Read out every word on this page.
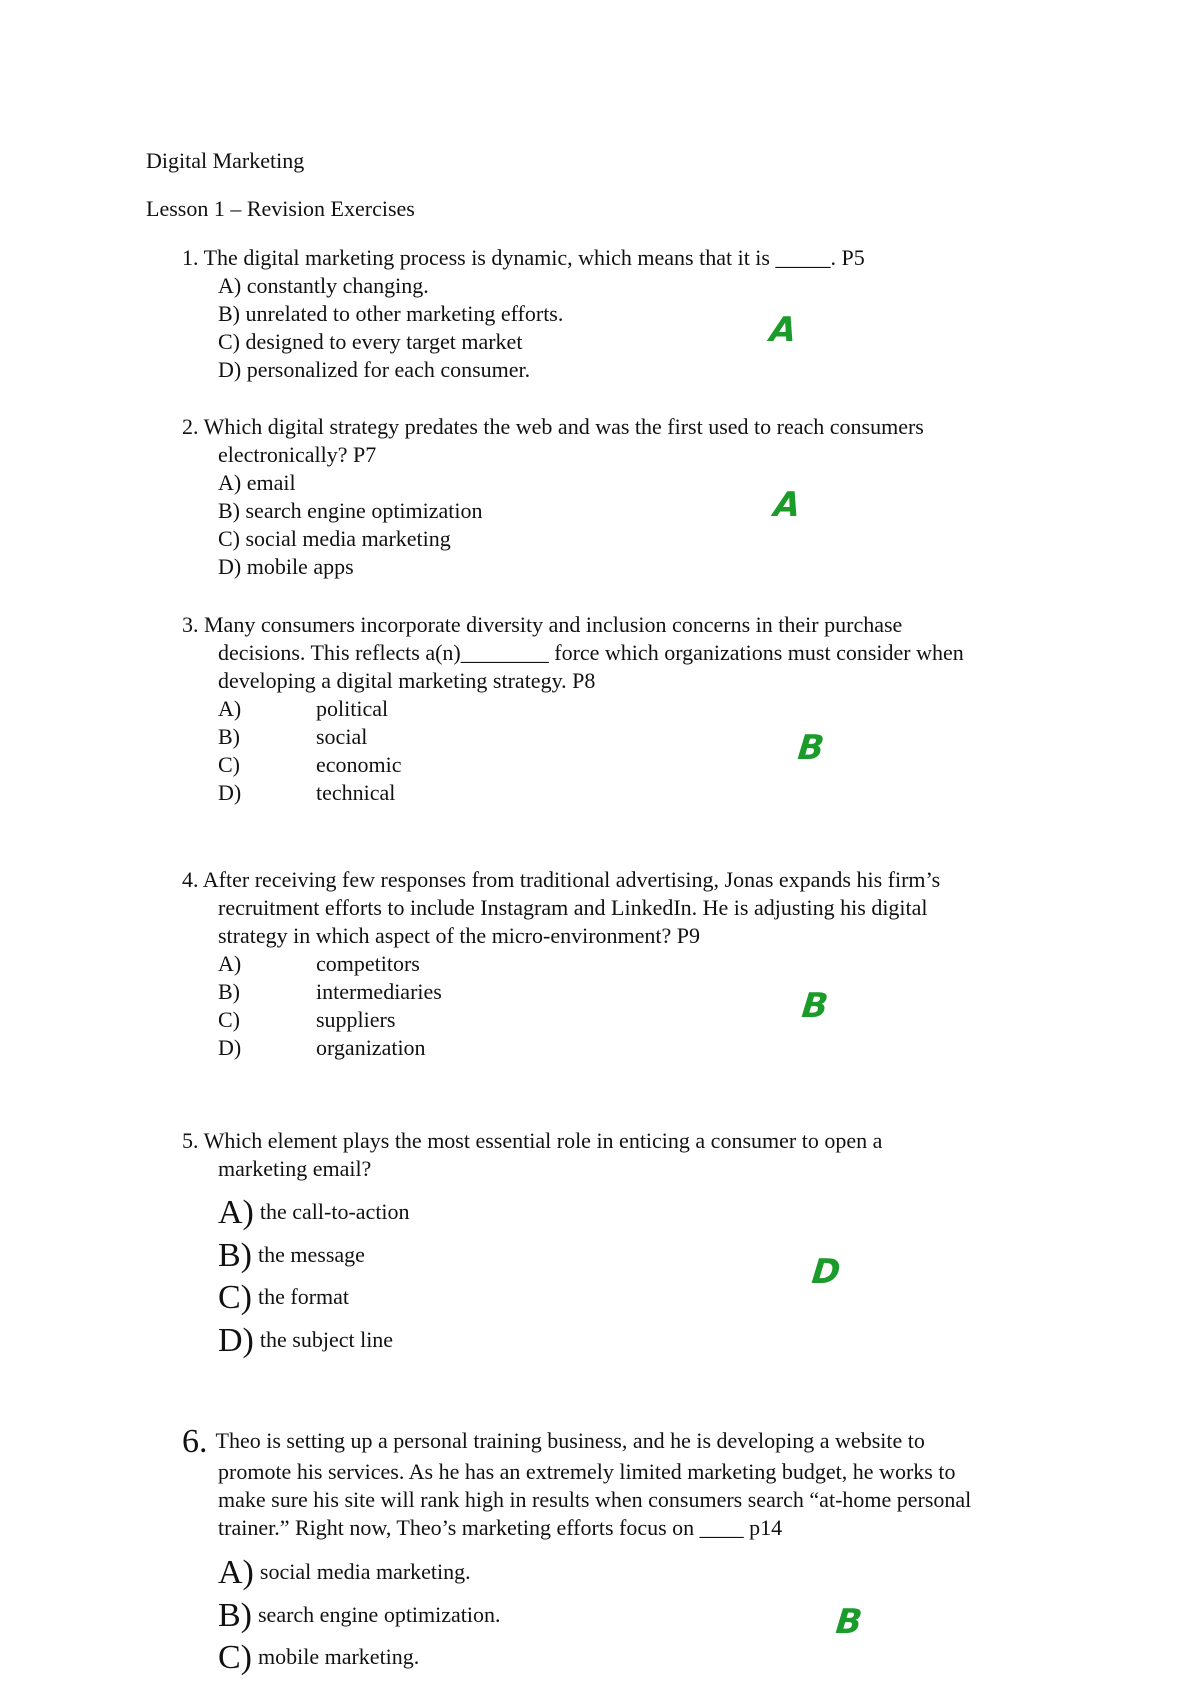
Digital Marketing
Lesson 1 – Revision Exercises
1. The digital marketing process is dynamic, which means that it is _____. P5
A) constantly changing.
B) unrelated to other marketing efforts.
C) designed to every target market
D) personalized for each consumer.
A
2. Which digital strategy predates the web and was the first used to reach consumers
electronically? P7
A) email
B) search engine optimization
C) social media marketing
D) mobile apps
A
3. Many consumers incorporate diversity and inclusion concerns in their purchase
decisions. This reflects a(n)________ force which organizations must consider when
developing a digital marketing strategy. P8
A)	political
B)	social
C)	economic
D)	technical
B
4. After receiving few responses from traditional advertising, Jonas expands his firm’s
recruitment efforts to include Instagram and LinkedIn. He is adjusting his digital
strategy in which aspect of the micro-environment? P9
A)	competitors
B)	intermediaries
C)	suppliers
D)	organization
B
5. Which element plays the most essential role in enticing a consumer to open a
marketing email?
A) the call-to-action
B) the message
C) the format
D) the subject line
D
6. Theo is setting up a personal training business, and he is developing a website to
promote his services. As he has an extremely limited marketing budget, he works to
make sure his site will rank high in results when consumers search “at-home personal
trainer.” Right now, Theo’s marketing efforts focus on ____ p14
A) social media marketing.
B) search engine optimization.
C) mobile marketing.
B
